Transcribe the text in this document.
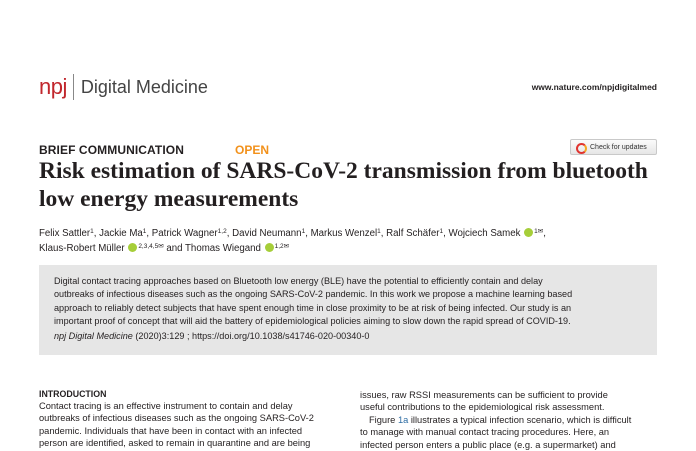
npj Digital Medicine	www.nature.com/npjdigitalmed
BRIEF COMMUNICATION	OPEN	Check for updates
Risk estimation of SARS-CoV-2 transmission from bluetooth
low energy measurements
Felix Sattler$^1$, Jackie Ma$^1$, Patrick Wagner$^{1,2}$, David Neumann$^1$, Markus Wenzel$^1$, Ralf Schäfer$^1$, Wojciech Samek $^{1✉}$,
Klaus-Robert Müller $^{2,3,4,5✉}$ and Thomas Wiegand $^{1,2✉}$
Digital contact tracing approaches based on Bluetooth low energy (BLE) have the potential to efficiently contain and delay
outbreaks of infectious diseases such as the ongoing SARS-CoV-2 pandemic. In this work we propose a machine learning based
approach to reliably detect subjects that have spent enough time in close proximity to be at risk of being infected. Our study is an
important proof of concept that will aid the battery of epidemiological policies aiming to slow down the rapid spread of COVID-19.
npj Digital Medicine (2020)3:129 ; https://doi.org/10.1038/s41746-020-00340-0
INTRODUCTION
Contact tracing is an effective instrument to contain and delay
outbreaks of infectious diseases such as the ongoing SARS-CoV-2
pandemic. Individuals that have been in contact with an infected
person are identified, asked to remain in quarantine and are being
issues, raw RSSI measurements can be sufficient to provide
useful contributions to the epidemiological risk assessment.
Figure 1a illustrates a typical infection scenario, which is difficult
to manage with manual contact tracing procedures. Here, an
infected person enters a public place (e.g. a supermarket) and
